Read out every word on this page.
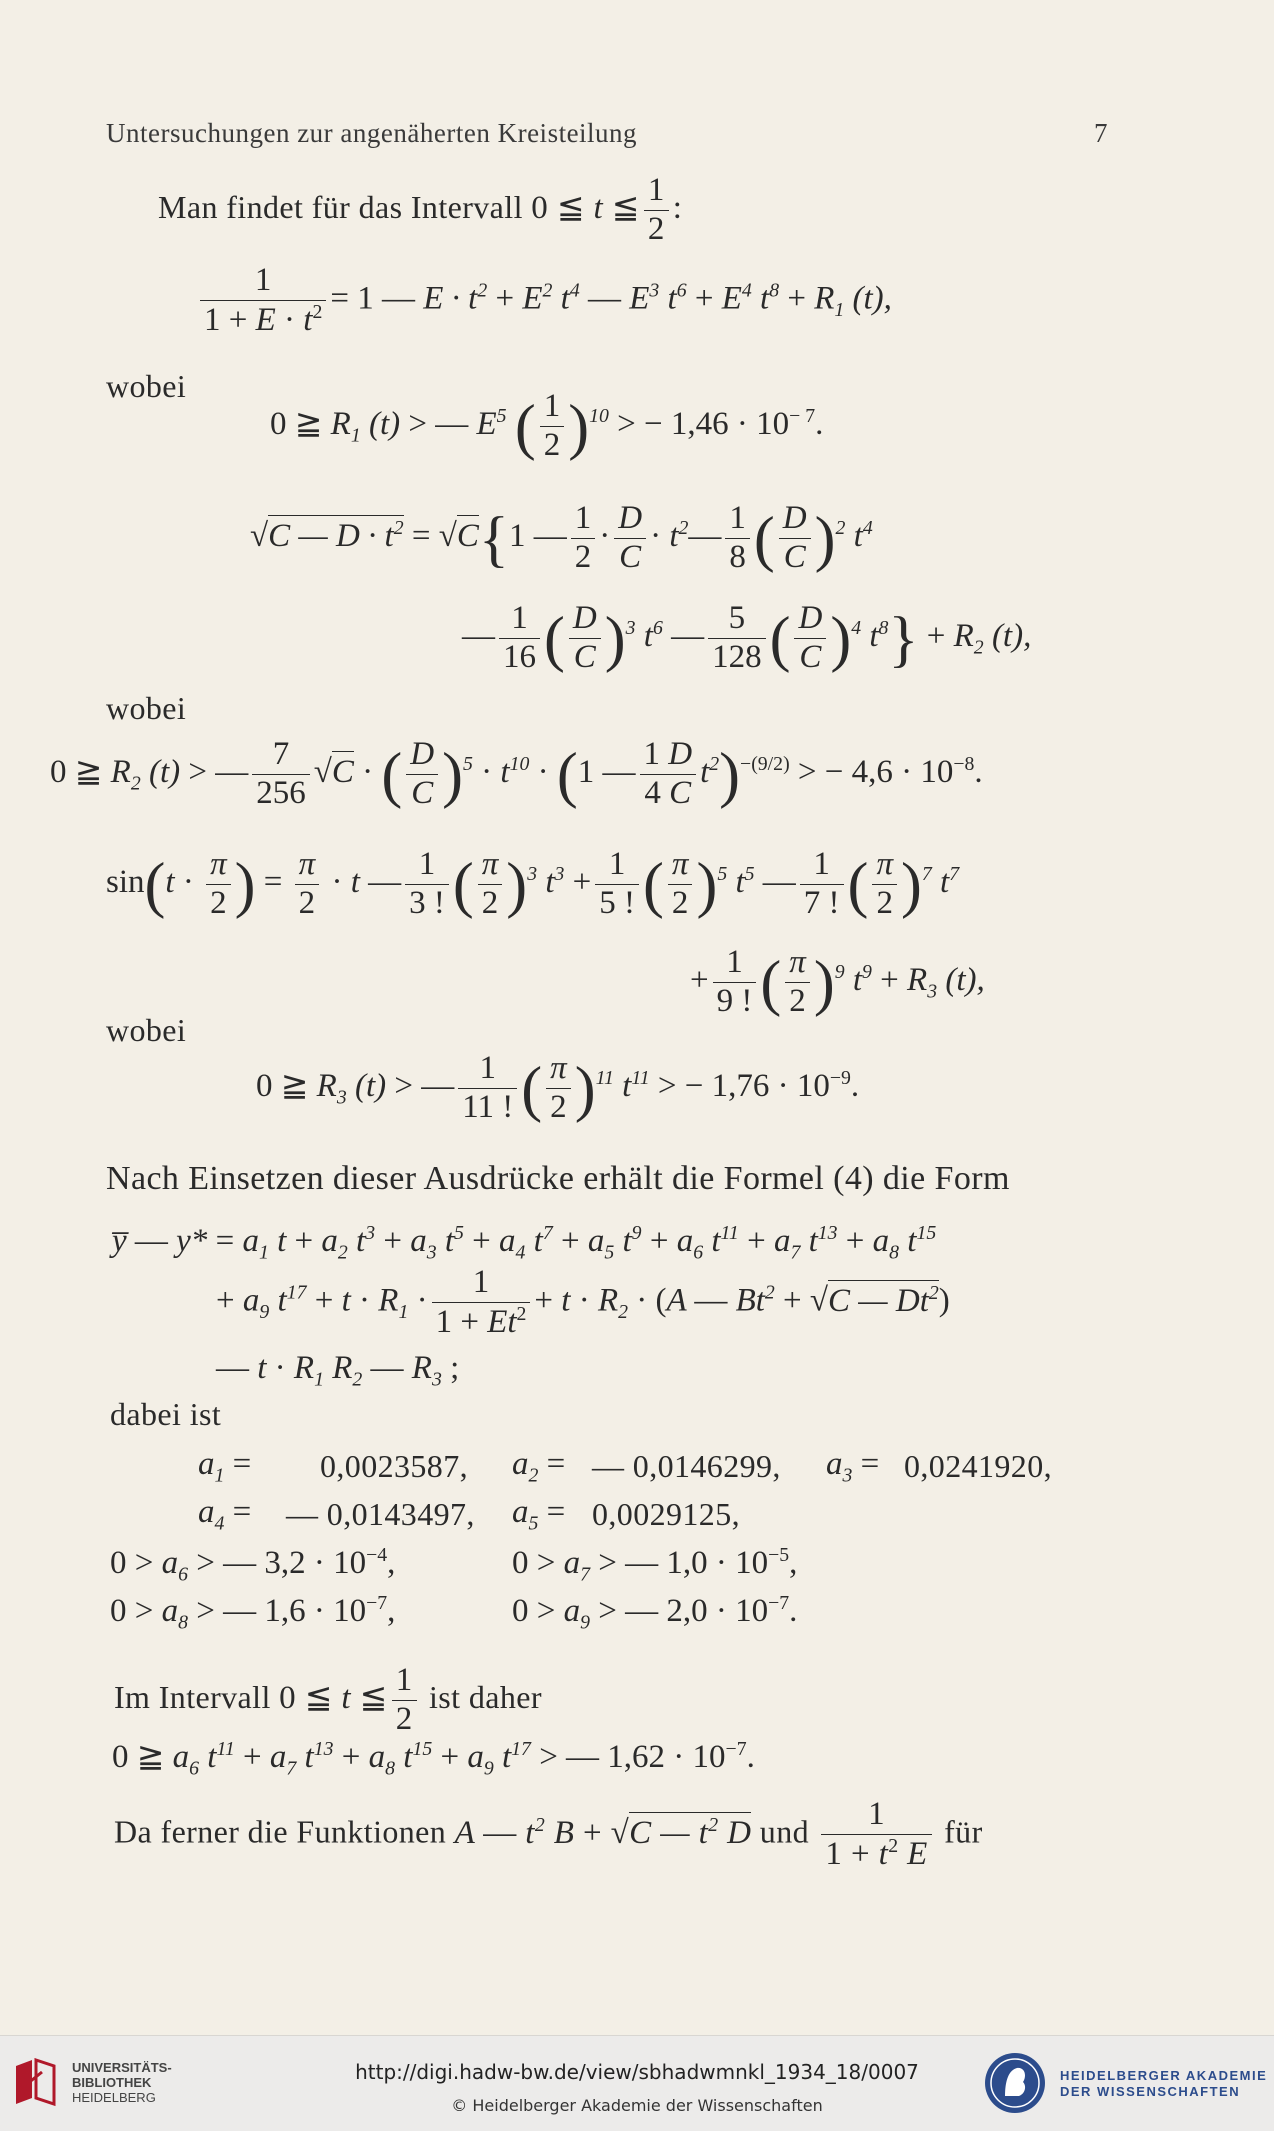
Untersuchungen zur angenäherten Kreisteilung	7
Man findet für das Intervall 0 ≦ t ≦ $\frac{1}{2}$ :
$\frac{1}{1 + E \cdot t^2} = 1$ — $E \cdot t^2 + E^2$ $t^4$ — $E^3$ $t^6 + E^4$ $t^8 + R_1$ (t),
wobei
0 ≧ $R_1$ (t) > — $E^5$ ( $\frac{1}{2} )^{10}$ > − $1,46 \cdot 10^{- 7}$.
√C — $D \cdot t^2 = √C\{1$ — $\frac{1}{2} \cdot \frac{D}{C}$ · $t^2— \frac{1}{8}$ ( $\frac{D}{C} )^2$ $t^4$
— $\frac{1}{16}$ ( $\frac{D}{C} )^3$ $t^6$ — $\frac{5}{128}$ ( $\frac{D}{C} )^4$ $t^8\} + R_2$ (t),
wobei
0 ≧ $R_2$ (t) > — $\frac{7}{256} √C$ · ( $\frac{D}{C} )^5 \cdot t^{10} \cdot (1$ — $\frac{1 D}{4 C} t^2)^{-(9/2)}$ > − $4,6 \cdot 10^{-8}$.
$\sin(t \cdot \frac{\pi}{2}$ ) = $\frac{\pi}{2} \cdot t$ — $\frac{1}{3 !}$ ( $\frac{\pi}{2} )^3$ $t^3 + \frac{1}{5 !}$ ( $\frac{\pi}{2} )^5$ $t^5$ — $\frac{1}{7 !}$ ( $\frac{\pi}{2} )^7$ $t^7$
+ $\frac{1}{9 !}$ ( $\frac{\pi}{2} )^9$ $t^9 + R_3$ (t),
wobei
0 ≧ $R_3$ (t) > — $\frac{1}{11 !}$ ( $\frac{\pi}{2} )^{11}$ $t^{11}$ > − $1,76 \cdot 10^{-9}$.
Nach Einsetzen dieser Ausdrücke erhält die Formel (4) die Form
y̅ — $y* = a_1$ $t + a_2$ $t^3 + a_3$ $t^5 + a_4$ $t^7 + a_5$ $t^9 + a_6$ $t^{11} + a_7$ $t^{13} + a_8$ $t^{15}$
+ $a_9$ $t^{17} + t \cdot R_1 \cdot \frac{1}{1 + Et^2} + t \cdot R_2 \cdot (A$ — $Bt^2 + √C$ — Dt$^2$)
— $t \cdot R_1$ $R_2$ — $R_3$ ;
dabei ist
$a_1 = 0,0023587$, $a_2$ = — 0,0146299, $a_3 = 0,0241920$,
$a_4$ = — 0,0143497, $a_5 = 0,0029125$,
$0 > a_6$ > — $3,2 \cdot 10^{-4}$,	$0 > a_7$ > — $1,0 \cdot 10^{-5}$,
$0 > a_8$ > — $1,6 \cdot 10^{-7}$,	$0 > a_9$ > — $2,0 \cdot 10^{-7}$.
Im Intervall 0 ≦ t ≦ $\frac{1}{2}$ ist daher
0 ≧ $a_6$ $t^{11} + a_7$ $t^{13} + a_8$ $t^{15} + a_9$ $t^{17}$ > — $1,62 \cdot 10^{-7}$.
Da ferner die Funktionen A — $t^2$ B + √C — $t^2$ D und $\frac{1}{1 + t^2 E}$ für
UNIVERSITÄTS-
BIBLIOTHEK
HEIDELBERG
http://digi.hadw-bw.de/view/sbhadwmnkl_1934_18/0007
© Heidelberger Akademie der Wissenschaften
HEIDELBERGER AKADEMIE
DER WISSENSCHAFTEN
